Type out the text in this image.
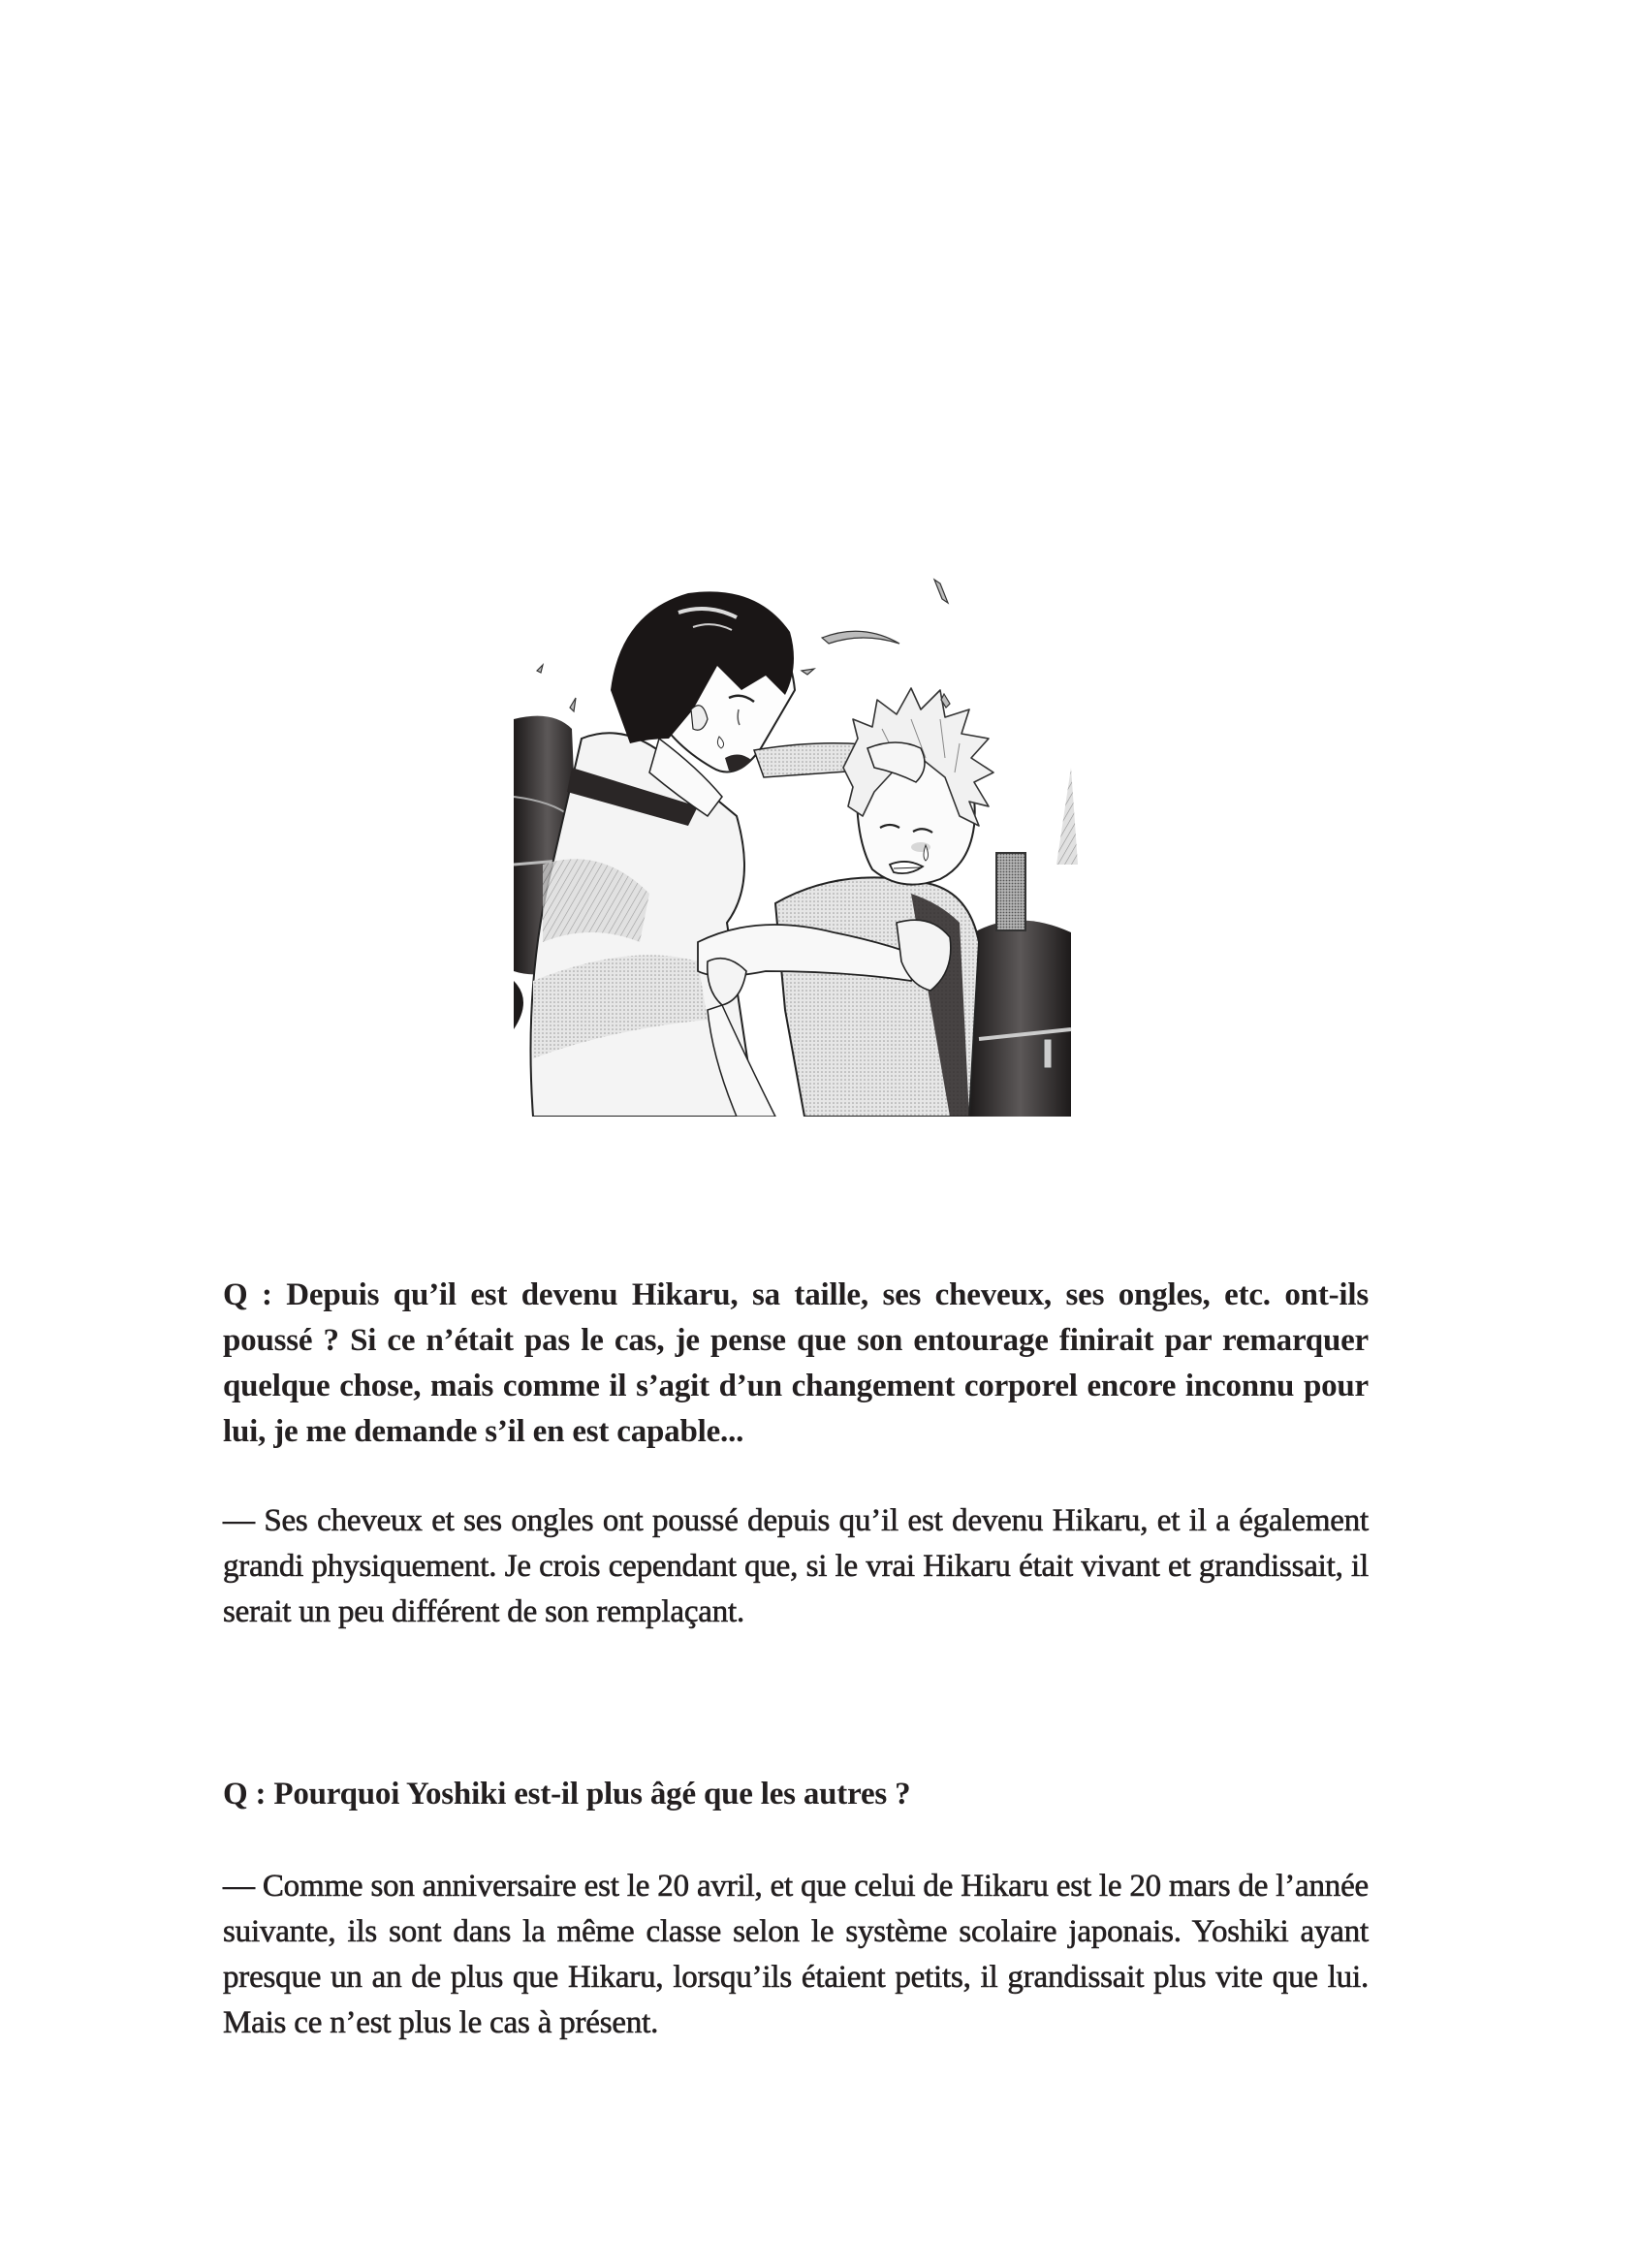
Q : Depuis qu’il est devenu Hikaru, sa taille, ses cheveux, ses ongles, etc. ont-ils poussé ? Si ce n’était pas le cas, je pense que son entourage finirait par remarquer quelque chose, mais comme il s’agit d’un changement corporel encore inconnu pour lui, je me demande s’il en est capable...

— Ses cheveux et ses ongles ont poussé depuis qu’il est devenu Hikaru, et il a également grandi physiquement. Je crois cependant que, si le vrai Hikaru était vivant et grandissait, il serait un peu différent de son remplaçant.

Q : Pourquoi Yoshiki est-il plus âgé que les autres ?

— Comme son anniversaire est le 20 avril, et que celui de Hikaru est le 20 mars de l’année suivante, ils sont dans la même classe selon le système scolaire japonais. Yoshiki ayant presque un an de plus que Hikaru, lorsqu’ils étaient petits, il grandissait plus vite que lui. Mais ce n’est plus le cas à présent.
